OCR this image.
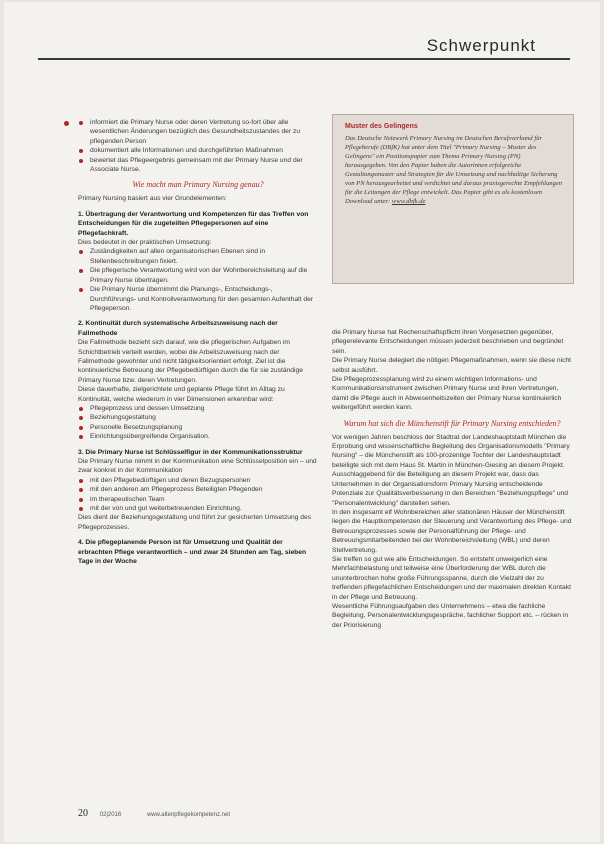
Schwerpunkt
informiert die Primary Nurse oder deren Vertretung so-fort über alle wesentlichen Änderungen bezüglich des Gesundheitszustandes der zu pflegenden Person
dokumentiert alle Informationen und durchgeführten Maßnahmen
bewertet das Pflegeergebnis gemeinsam mit der Primary Nurse und der Associate Nurse.
Wie macht man Primary Nursing genau?

Primary Nursing basiert aus vier Grundelementen:

1. Übertragung der Verantwortung und Kompetenzen für das Treffen von Entscheidungen für die zugeteilten Pflegepersonen auf eine Pflegefachkraft.

Dies bedeutet in der praktischen Umsetzung:

Zuständigkeiten auf allen organisatorischen Ebenen sind in Stellenbeschreibungen fixiert.
Die pflegerische Verantwortung wird von der Wohnbereichsleitung auf die Primary Nurse übertragen.
Die Primary Nurse übernimmt die Planungs-, Entscheidungs-, Durchführungs- und Kontrollverantwortung für den gesamten Aufenthalt der Pflegeperson.
2. Kontinuität durch systematische Arbeitszuweisung nach der Fallmethode

Die Fallmethode bezieht sich darauf, wie die pflegerischen Aufgaben im Schichtbetrieb verteilt werden, wobei die Arbeitszuweisung nach der Fallmethode gewohnter und nicht tätigkeitsorientiert erfolgt. Ziel ist die kontinuierliche Betreuung der Pflegebedürftigen durch die für sie zuständige Primary Nurse bzw. deren Vertretungen.

Diese dauerhafte, zielgerichtete und geplante Pflege führt im Alltag zu Kontinuität, welche wiederum in vier Dimensionen erkennbar wird:

Pflegeprozess und dessen Umsetzung
Beziehungsgestaltung
Personelle Besetzungsplanung
Einrichtungsübergreifende Organisation.
3. Die Primary Nurse ist Schlüsselfigur in der Kommunikationsstruktur

Die Primary Nurse nimmt in der Kommunikation eine Schlüsselposition ein – und zwar konkret in der Kommunikation

mit den Pflegebedürftigen und deren Bezugspersonen
mit den anderen am Pflegeprozess Beteiligten Pflegenden
im therapeutischen Team
mit der von und gut weiterbetreuenden Einrichtung.

Dies dient der Beziehungsgestaltung und führt zur gesicherten Umsetzung des Pflegeprozesses.

4. Die pflegeplanende Person ist für Umsetzung und Qualität der erbrachten Pflege verantwortlich – und zwar 24 Stunden am Tag, sieben Tage in der Woche
Muster des Gelingens

Das Deutsche Netzwerk Primary Nursing im Deutschen Berufsverband für Pflegeberufe (DBfK) hat unter dem Titel "Primary Nursing – Muster des Gelingens" ein Positionspapier zum Thema Primary Nursing (PN) herausgegeben. Von den Papier haben die Autorinnen erfolgreiche Gestaltungsmuster und Strategien für die Umsetzung und nachhaltige Sicherung von PN herausgearbeitet und verdichtet und daraus praxisgerechte Empfehlungen für die Leitungen der Pflege entwickelt. Das Papier gibt es als kostenlosen Download unter: www.dbfk.de

die Primary Nurse hat Rechenschaftspflicht ihren Vorgesetzten gegenüber, pflegerelevante Entscheidungen müssen jederzeit beschrieben und begründet sein.

Die Primary Nurse delegiert die nötigen Pflegemaßnahmen, wenn sie diese nicht selbst ausführt.

Die Pflegeprozessplanung wird zu einem wichtigen Informations- und Kommunikationsinstrument zwischen Primary Nurse und ihren Vertretungen, damit die Pflege auch in Abwesenheitszeiten der Primary Nurse kontinuierlich weitergeführt werden kann.

Warum hat sich die Münchenstift für Primary Nursing entschieden?

Vor wenigen Jahren beschloss der Stadtrat der Landeshauptstadt München die Erprobung und wissenschaftliche Begleitung des Organisationsmodells "Primary Nursing" – die Münchenstift als 100-prozentige Tochter der Landeshauptstadt beteiligte sich mit dem Haus St. Martin in München-Giesing an diesem Projekt.

Ausschlaggebend für die Beteiligung an diesem Projekt war, dass das Unternehmen in der Organisationsform Primary Nursing entscheidende Potenziale zur Qualitätsverbesserung in den Bereichen "Beziehungspflege" und "Personalentwicklung" darstellen sehen.

In den insgesamt elf Wohnbereichen aller stationären Häuser der Münchenstift liegen die Hauptkompetenzen der Steuerung und Verantwortung des Pflege- und Betreuungsprozesses sowie der Personalführung der Pflege- und Betreuungsmitarbeitenden bei der Wohnbereichsleitung (WBL) und deren Stellvertretung.

Sie treffen so gut wie alle Entscheidungen. So entsteht unweigerlich eine Mehrfachbelastung und teilweise eine Überforderung der WBL durch die ununterbrochen hohe große Führungsspanne, durch die Vielzahl der zu treffenden pflegefachlichen Entscheidungen und der maximalen direkten Kontakt in der Pflege und Betreuung.

Wesentliche Führungsaufgaben des Unternehmens – etwa die fachliche Begleitung, Personalentwicklungsgespräche, fachlicher Support etc. – rücken in der Priorisierung

20 02|2016	www.altenpflegekompetenz.net
